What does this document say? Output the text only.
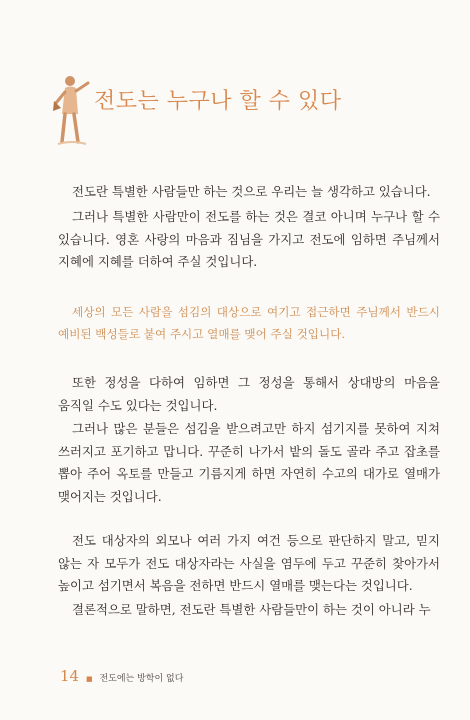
전도는 누구나 할 수 있다

전도란 특별한 사람들만 하는 것으로 우리는 늘 생각하고 있습니다.

그러나 특별한 사람만이 전도를 하는 것은 결코 아니며 누구나 할 수 있습니다. 영혼 사랑의 마음과 짐님을 가지고 전도에 임하면 주님께서 지혜에 지혜를 더하여 주실 것입니다.

세상의 모든 사람을 섬김의 대상으로 여기고 접근하면 주님께서 반드시 예비된 백성들로 붙여 주시고 열매를 맺어 주실 것입니다.

또한 정성을 다하여 임하면 그 정성을 통해서 상대방의 마음을 움직일 수도 있다는 것입니다.

그러나 많은 분들은 섬김을 받으려고만 하지 섬기지를 못하여 지쳐 쓰러지고 포기하고 맙니다. 꾸준히 나가서 밭의 돌도 골라 주고 잡초를 뽑아 주어 옥토를 만들고 기름지게 하면 자연히 수고의 대가로 열매가 맺어지는 것입니다.

전도 대상자의 외모나 여러 가지 여건 등으로 판단하지 말고, 믿지 않는 자 모두가 전도 대상자라는 사실을 염두에 두고 꾸준히 찾아가서 높이고 섬기면서 복음을 전하면 반드시 열매를 맺는다는 것입니다.

결론적으로 말하면, 전도란 특별한 사람들만이 하는 것이 아니라 누

14 ■ 전도에는 방학이 없다
